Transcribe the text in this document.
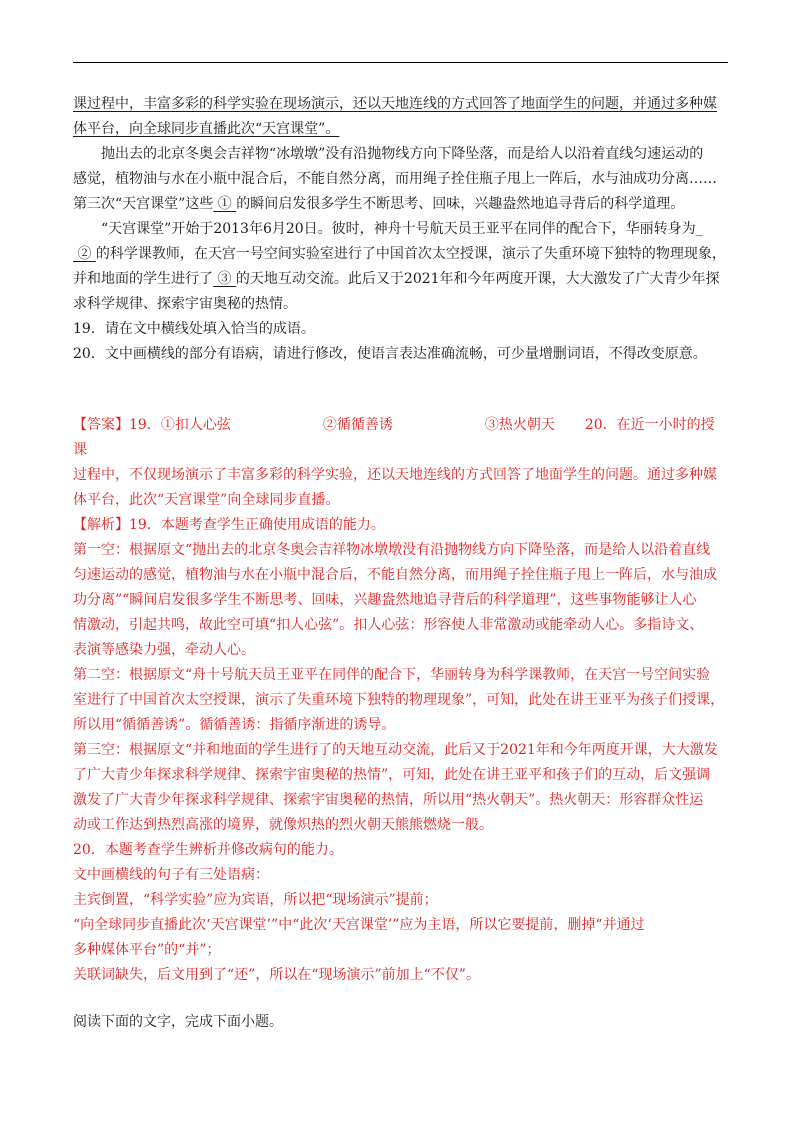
课过程中，丰富多彩的科学实验在现场演示，还以天地连线的方式回答了地面学生的问题，并通过多种媒

体平台，向全球同步直播此次“天宫课堂”。

抛出去的北京冬奥会吉祥物“冰墩墩”没有沿抛物线方向下降坠落，而是给人以沿着直线匀速运动的

感觉，植物油与水在小瓶中混合后，不能自然分离，而用绳子拴住瓶子甩上一阵后，水与油成功分离……

第三次“天宫课堂”这些 ① 的瞬间启发很多学生不断思考、回味，兴趣盎然地追寻背后的科学道理。

“天宫课堂”开始于2013年6月20日。彼时，神舟十号航天员王亚平在同伴的配合下，华丽转身为_

② 的科学课教师，在天宫一号空间实验室进行了中国首次太空授课，演示了失重环境下独特的物理现象，

并和地面的学生进行了 ③ 的天地互动交流。此后又于2021年和今年两度开课，大大激发了广大青少年探

求科学规律、探索宇宙奥秘的热情。

19．请在文中横线处填入恰当的成语。

20．文中画横线的部分有语病，请进行修改，使语言表达准确流畅，可少量增删词语，不得改变原意。

【答案】19．①扣人心弦	②循循善诱	③热火朝天 20．在近一小时的授课

过程中，不仅现场演示了丰富多彩的科学实验，还以天地连线的方式回答了地面学生的问题。通过多种媒

体平台，此次“天宫课堂”向全球同步直播。

【解析】19．本题考查学生正确使用成语的能力。

第一空：根据原文“抛出去的北京冬奥会吉祥物冰墩墩没有沿抛物线方向下降坠落，而是给人以沿着直线

匀速运动的感觉，植物油与水在小瓶中混合后，不能自然分离，而用绳子拴住瓶子甩上一阵后，水与油成

功分离”“瞬间启发很多学生不断思考、回味，兴趣盎然地追寻背后的科学道理”，这些事物能够让人心

情激动，引起共鸣，故此空可填“扣人心弦”。扣人心弦：形容使人非常激动或能牵动人心。多指诗文、

表演等感染力强，牵动人心。

第二空：根据原文“舟十号航天员王亚平在同伴的配合下，华丽转身为科学课教师，在天宫一号空间实验

室进行了中国首次太空授课，演示了失重环境下独特的物理现象”，可知，此处在讲王亚平为孩子们授课，

所以用“循循善诱”。循循善诱：指循序渐进的诱导。

第三空：根据原文“并和地面的学生进行了的天地互动交流，此后又于2021年和今年两度开课，大大激发

了广大青少年探求科学规律、探索宇宙奥秘的热情”，可知，此处在讲王亚平和孩子们的互动，后文强调

激发了广大青少年探求科学规律、探索宇宙奥秘的热情，所以用“热火朝天”。热火朝天：形容群众性运

动或工作达到热烈高涨的境界，就像炽热的烈火朝天熊熊燃烧一般。

20．本题考查学生辨析并修改病句的能力。

文中画横线的句子有三处语病：

主宾倒置，“科学实验”应为宾语，所以把“现场演示”提前；

“向全球同步直播此次‘天宫课堂’”中“此次‘天宫课堂’”应为主语，所以它要提前，删掉“并通过

多种媒体平台”的“并”；

关联词缺失，后文用到了“还”，所以在“现场演示”前加上“不仅”。

阅读下面的文字，完成下面小题。
